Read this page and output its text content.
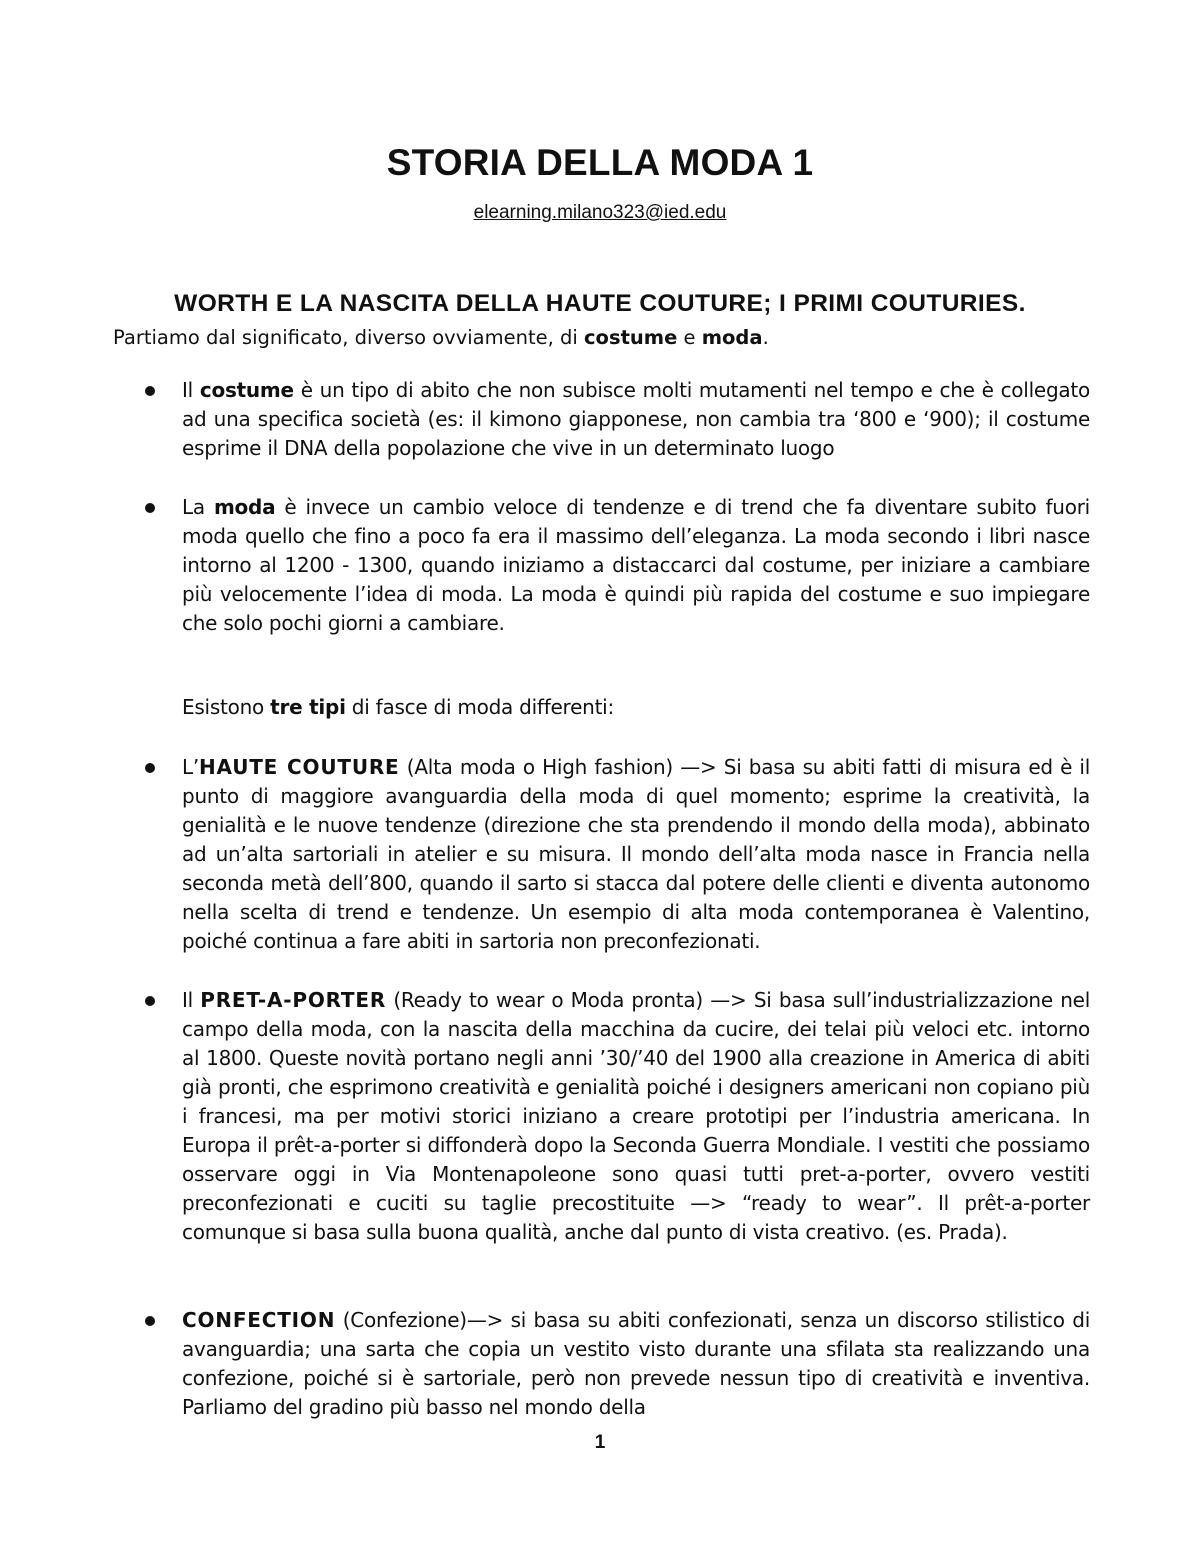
STORIA DELLA MODA 1
elearning.milano323@ied.edu
WORTH E LA NASCITA DELLA HAUTE COUTURE; I PRIMI COUTURIES.
Partiamo dal significato, diverso ovviamente, di costume e moda.
Il costume è un tipo di abito che non subisce molti mutamenti nel tempo e che è collegato ad una specifica società (es: il kimono giapponese, non cambia tra ‘800 e ‘900); il costume esprime il DNA della popolazione che vive in un determinato luogo
La moda è invece un cambio veloce di tendenze e di trend che fa diventare subito fuori moda quello che fino a poco fa era il massimo dell’eleganza. La moda secondo i libri nasce intorno al 1200 - 1300, quando iniziamo a distaccarci dal costume, per iniziare a cambiare più velocemente l’idea di moda. La moda è quindi più rapida del costume e suo impiegare che solo pochi giorni a cambiare.
Esistono tre tipi di fasce di moda differenti:
L’HAUTE COUTURE (Alta moda o High fashion) —> Si basa su abiti fatti di misura ed è il punto di maggiore avanguardia della moda di quel momento; esprime la creatività, la genialità e le nuove tendenze (direzione che sta prendendo il mondo della moda), abbinato ad un’alta sartoriali in atelier e su misura. Il mondo dell’alta moda nasce in Francia nella seconda metà dell’800, quando il sarto si stacca dal potere delle clienti e diventa autonomo nella scelta di trend e tendenze. Un esempio di alta moda contemporanea è Valentino, poiché continua a fare abiti in sartoria non preconfezionati.
Il PRET-A-PORTER (Ready to wear o Moda pronta) —> Si basa sull’industrializzazione nel campo della moda, con la nascita della macchina da cucire, dei telai più veloci etc. intorno al 1800. Queste novità portano negli anni ’30/’40 del 1900 alla creazione in America di abiti già pronti, che esprimono creatività e genialità poiché i designers americani non copiano più i francesi, ma per motivi storici iniziano a creare prototipi per l’industria americana. In Europa il prêt-a-porter si diffonderà dopo la Seconda Guerra Mondiale. I vestiti che possiamo osservare oggi in Via Montenapoleone sono quasi tutti pret-a-porter, ovvero vestiti preconfezionati e cuciti su taglie precostituite —> “ready to wear”. Il prêt-a-porter comunque si basa sulla buona qualità, anche dal punto di vista creativo. (es. Prada).
CONFECTION (Confezione)—> si basa su abiti confezionati, senza un discorso stilistico di avanguardia; una sarta che copia un vestito visto durante una sfilata sta realizzando una confezione, poiché si è sartoriale, però non prevede nessun tipo di creatività e inventiva. Parliamo del gradino più basso nel mondo della
1
